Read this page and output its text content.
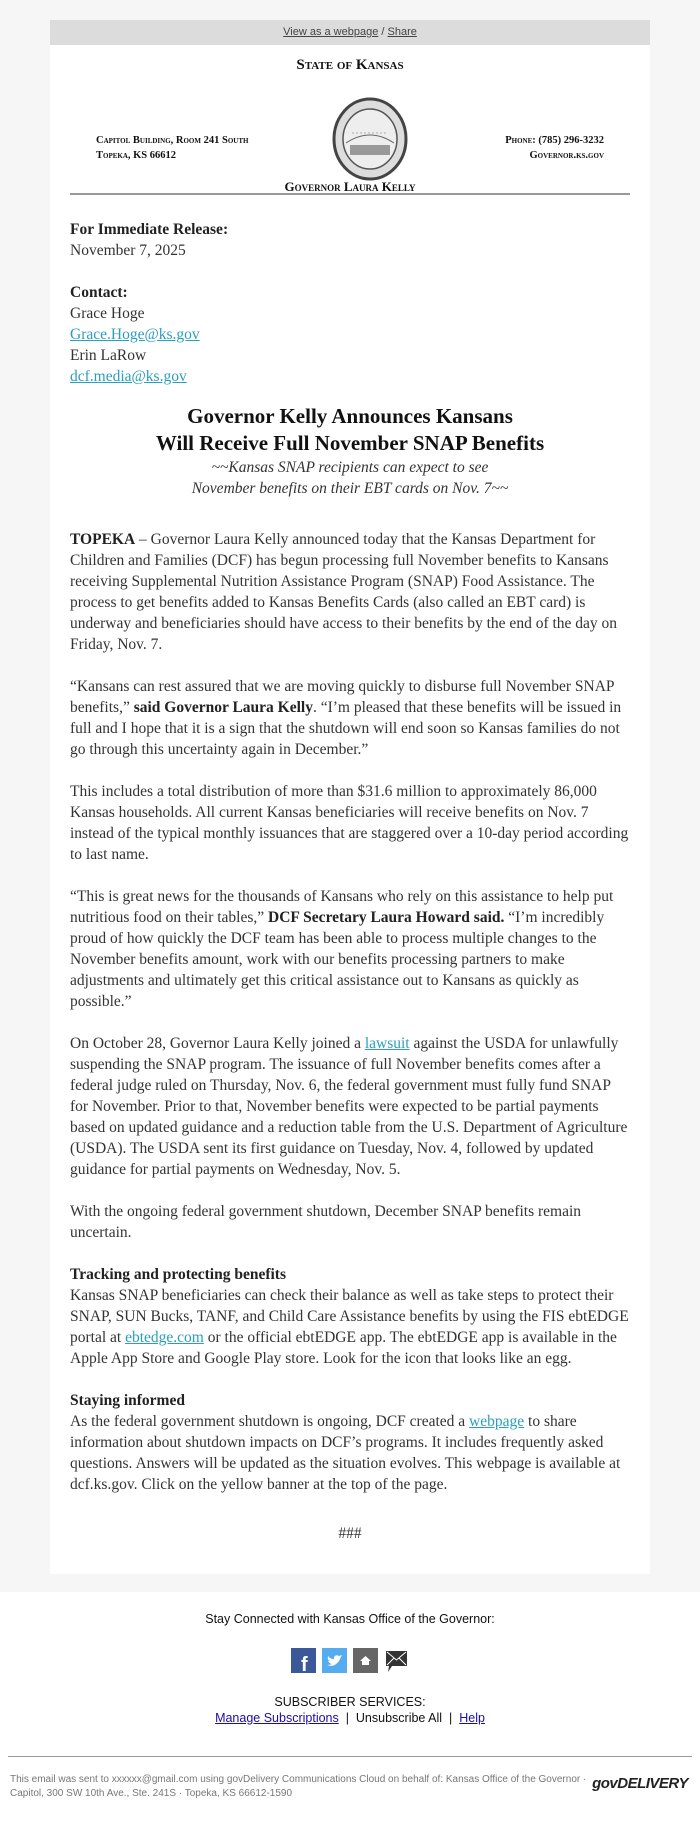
View as a webpage / Share
State of Kansas
Capitol Building, Room 241 South
Topeka, KS 66612
Phone: (785) 296-3232
Governor.ks.gov
Governor Laura Kelly

For Immediate Release:
November 7, 2025

Contact:
Grace Hoge
Grace.Hoge@ks.gov
Erin LaRow
dcf.media@ks.gov

Governor Kelly Announces Kansans
Will Receive Full November SNAP Benefits
~~Kansas SNAP recipients can expect to see
November benefits on their EBT cards on Nov. 7~~

TOPEKA – Governor Laura Kelly announced today that the Kansas Department for Children and Families (DCF) has begun processing full November benefits to Kansans receiving Supplemental Nutrition Assistance Program (SNAP) Food Assistance. The process to get benefits added to Kansas Benefits Cards (also called an EBT card) is underway and beneficiaries should have access to their benefits by the end of the day on Friday, Nov. 7.

“Kansans can rest assured that we are moving quickly to disburse full November SNAP benefits,” said Governor Laura Kelly. “I’m pleased that these benefits will be issued in full and I hope that it is a sign that the shutdown will end soon so Kansas families do not go through this uncertainty again in December.”

This includes a total distribution of more than $31.6 million to approximately 86,000 Kansas households. All current Kansas beneficiaries will receive benefits on Nov. 7 instead of the typical monthly issuances that are staggered over a 10-day period according to last name.

“This is great news for the thousands of Kansans who rely on this assistance to help put nutritious food on their tables,” DCF Secretary Laura Howard said. “I’m incredibly proud of how quickly the DCF team has been able to process multiple changes to the November benefits amount, work with our benefits processing partners to make adjustments and ultimately get this critical assistance out to Kansans as quickly as possible.”

On October 28, Governor Laura Kelly joined a lawsuit against the USDA for unlawfully suspending the SNAP program. The issuance of full November benefits comes after a federal judge ruled on Thursday, Nov. 6, the federal government must fully fund SNAP for November. Prior to that, November benefits were expected to be partial payments based on updated guidance and a reduction table from the U.S. Department of Agriculture (USDA). The USDA sent its first guidance on Tuesday, Nov. 4, followed by updated guidance for partial payments on Wednesday, Nov. 5.

With the ongoing federal government shutdown, December SNAP benefits remain uncertain.

Tracking and protecting benefits
Kansas SNAP beneficiaries can check their balance as well as take steps to protect their SNAP, SUN Bucks, TANF, and Child Care Assistance benefits by using the FIS ebtEDGE portal at ebtedge.com or the official ebtEDGE app. The ebtEDGE app is available in the Apple App Store and Google Play store. Look for the icon that looks like an egg.

Staying informed
As the federal government shutdown is ongoing, DCF created a webpage to share information about shutdown impacts on DCF’s programs. It includes frequently asked questions. Answers will be updated as the situation evolves. This webpage is available at dcf.ks.gov. Click on the yellow banner at the top of the page.

###
Stay Connected with Kansas Office of the Governor:
f
SUBSCRIBER SERVICES:
Manage Subscriptions | Unsubscribe All | Help
This email was sent to xxxxxx@gmail.com using govDelivery Communications Cloud on behalf of: Kansas Office of the Governor ·
Capitol, 300 SW 10th Ave., Ste. 241S · Topeka, KS 66612-1590
govDELIVERY
